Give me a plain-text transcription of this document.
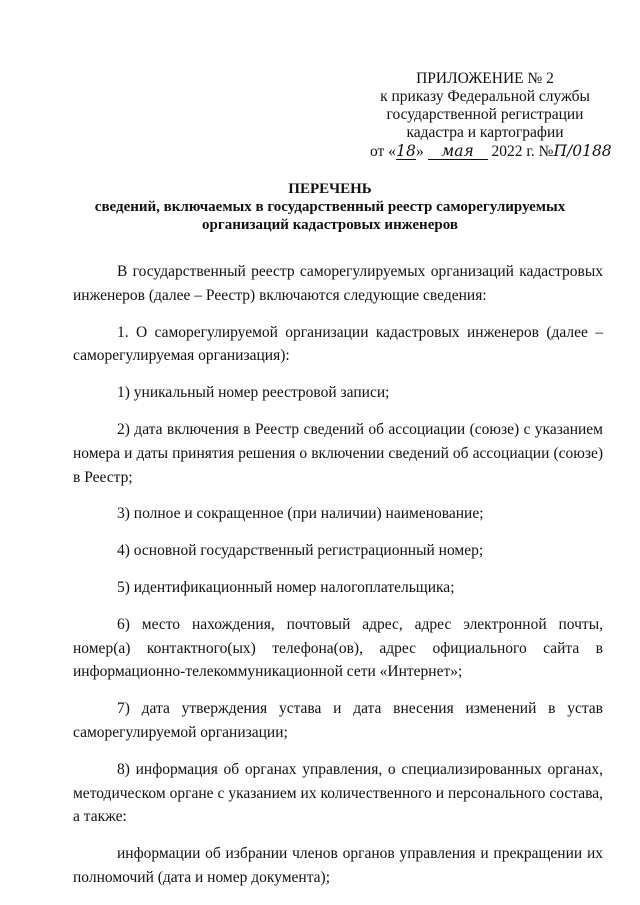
ПРИЛОЖЕНИЕ № 2
к приказу Федеральной службы
государственной регистрации
кадастра и картографии
от «18» мая 2022 г. №П/0188
ПЕРЕЧЕНЬ
сведений, включаемых в государственный реестр саморегулируемых
организаций кадастровых инженеров

В государственный реестр саморегулируемых организаций кадастровых инженеров (далее – Реестр) включаются следующие сведения:

1. О саморегулируемой организации кадастровых инженеров (далее – саморегулируемая организация):

1) уникальный номер реестровой записи;

2) дата включения в Реестр сведений об ассоциации (союзе) с указанием номера и даты принятия решения о включении сведений об ассоциации (союзе) в Реестр;

3) полное и сокращенное (при наличии) наименование;

4) основной государственный регистрационный номер;

5) идентификационный номер налогоплательщика;

6) место нахождения, почтовый адрес, адрес электронной почты, номер(а) контактного(ых) телефона(ов), адрес официального сайта в информационно-телекоммуникационной сети «Интернет»;

7) дата утверждения устава и дата внесения изменений в устав саморегулируемой организации;

8) информация об органах управления, о специализированных органах, методическом органе с указанием их количественного и персонального состава, а также:

информации об избрании членов органов управления и прекращении их полномочий (дата и номер документа);
